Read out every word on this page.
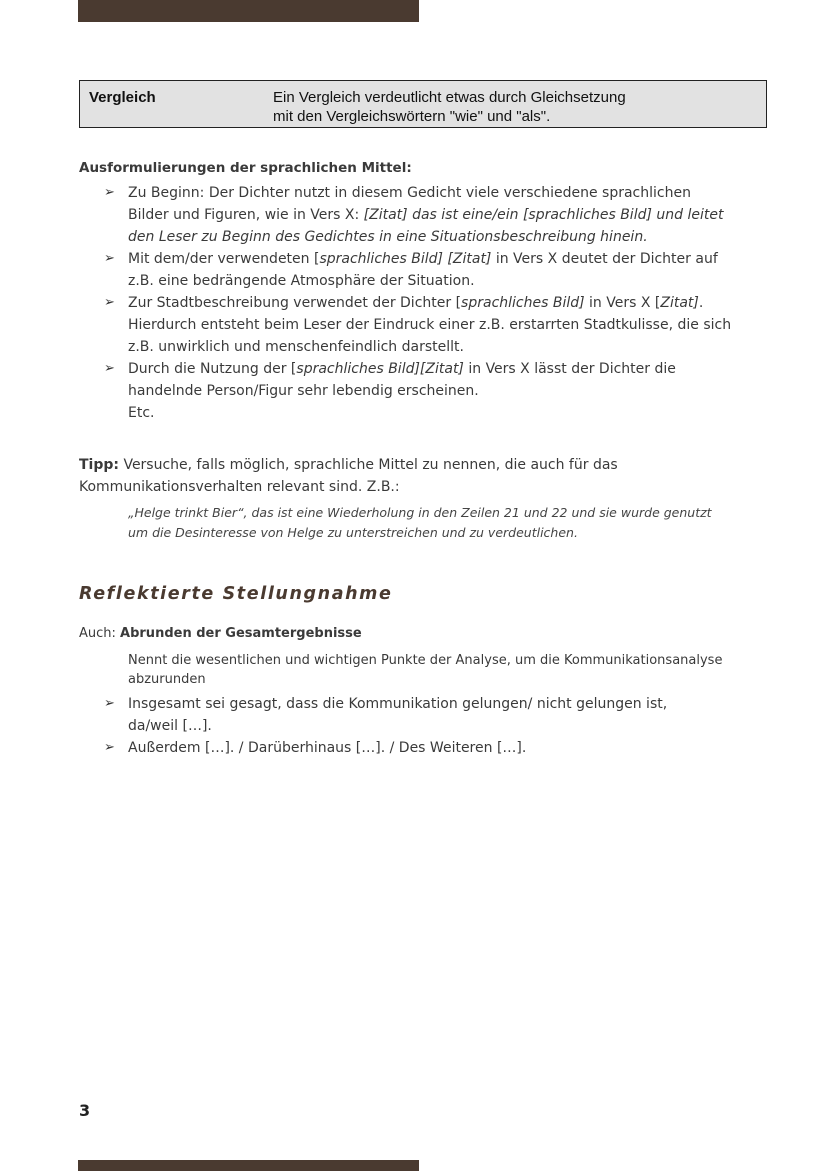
Vergleich	Ein Vergleich verdeutlicht etwas durch Gleichsetzung
mit den Vergleichswörtern "wie" und "als".
Ausformulierungen der sprachlichen Mittel:
➢ Zu Beginn: Der Dichter nutzt in diesem Gedicht viele verschiedene sprachlichen
Bilder und Figuren, wie in Vers X: [Zitat] das ist eine/ein [sprachliches Bild] und leitet
den Leser zu Beginn des Gedichtes in eine Situationsbeschreibung hinein.
➢ Mit dem/der verwendeten [sprachliches Bild] [Zitat] in Vers X deutet der Dichter auf
z.B. eine bedrängende Atmosphäre der Situation.
➢ Zur Stadtbeschreibung verwendet der Dichter [sprachliches Bild] in Vers X [Zitat].
Hierdurch entsteht beim Leser der Eindruck einer z.B. erstarrten Stadtkulisse, die sich
z.B. unwirklich und menschenfeindlich darstellt.
➢ Durch die Nutzung der [sprachliches Bild][Zitat] in Vers X lässt der Dichter die
handelnde Person/Figur sehr lebendig erscheinen.
Etc.
Tipp: Versuche, falls möglich, sprachliche Mittel zu nennen, die auch für das
Kommunikationsverhalten relevant sind. Z.B.:
„Helge trinkt Bier“, das ist eine Wiederholung in den Zeilen 21 und 22 und sie wurde genutzt
um die Desinteresse von Helge zu unterstreichen und zu verdeutlichen.
Reflektierte Stellungnahme
Auch: Abrunden der Gesamtergebnisse
Nennt die wesentlichen und wichtigen Punkte der Analyse, um die Kommunikationsanalyse
abzurunden
➢ Insgesamt sei gesagt, dass die Kommunikation gelungen/ nicht gelungen ist,
da/weil […].
➢ Außerdem […]. / Darüberhinaus […]. / Des Weiteren […].
3
